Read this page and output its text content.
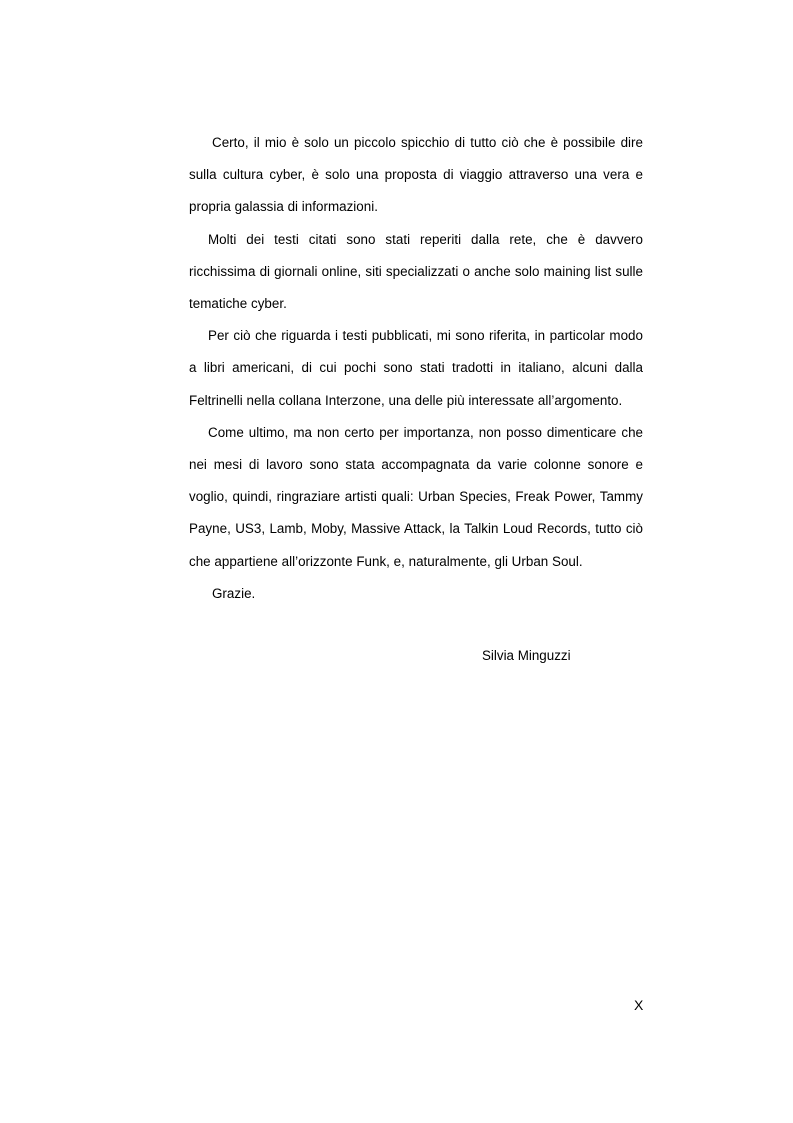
Certo, il mio è solo un piccolo spicchio di tutto ciò che è possibile dire sulla cultura cyber, è solo una proposta di viaggio attraverso una vera e propria galassia di informazioni.

Molti dei testi citati sono stati reperiti dalla rete, che è davvero ricchissima di giornali online, siti specializzati o anche solo maining list sulle tematiche cyber.

Per ciò che riguarda i testi pubblicati, mi sono riferita, in particolar modo a libri americani, di cui pochi sono stati tradotti in italiano, alcuni dalla Feltrinelli nella collana Interzone, una delle più interessate all’argomento.

Come ultimo, ma non certo per importanza, non posso dimenticare che nei mesi di lavoro sono stata accompagnata da varie colonne sonore e voglio, quindi, ringraziare artisti quali: Urban Species, Freak Power, Tammy Payne, US3, Lamb, Moby, Massive Attack, la Talkin Loud Records, tutto ciò che appartiene all’orizzonte Funk, e, naturalmente, gli Urban Soul.

Grazie.

Silvia Minguzzi
X
